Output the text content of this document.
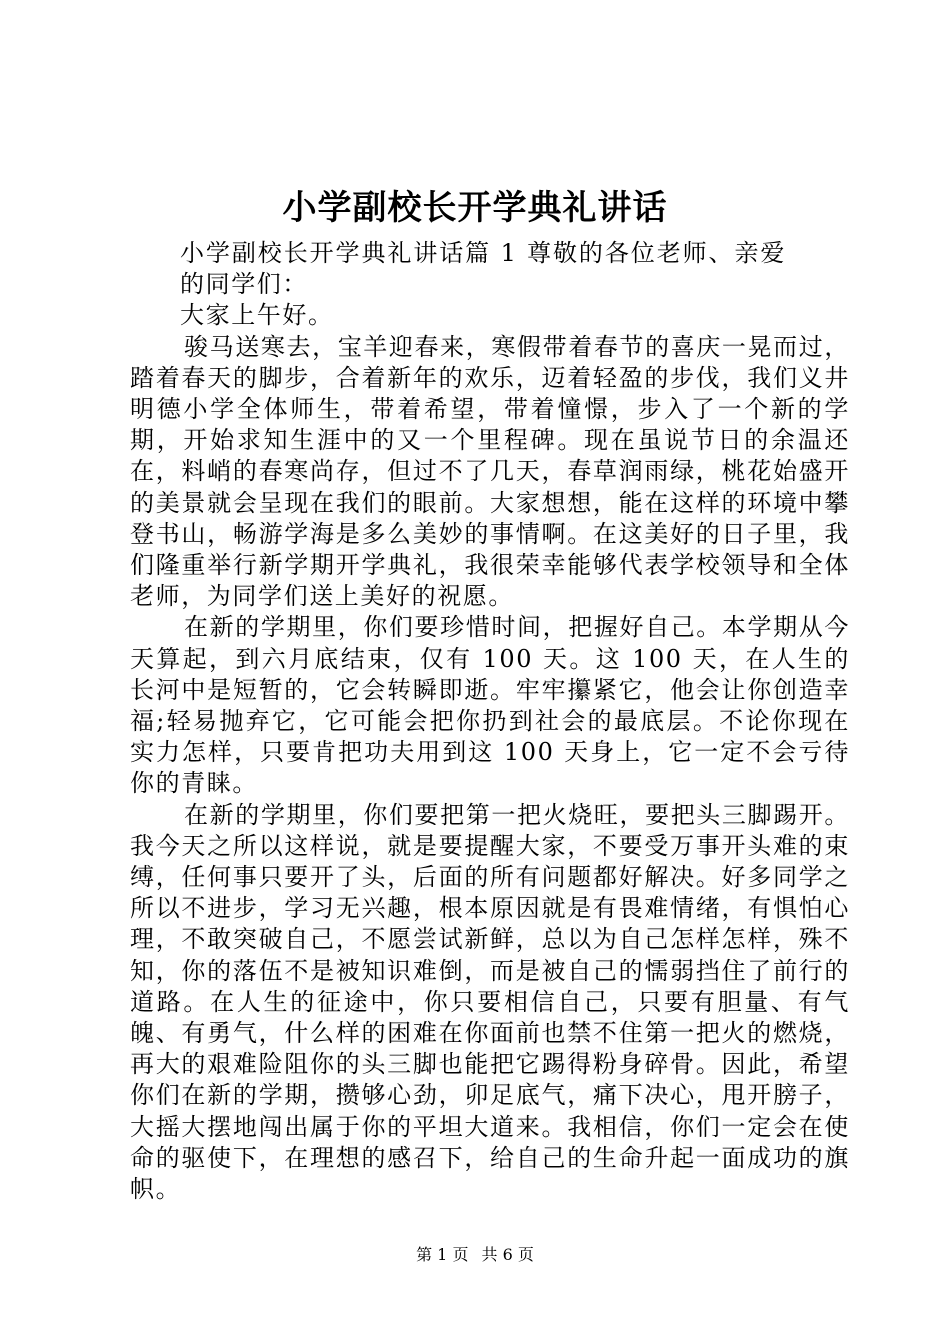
小学副校长开学典礼讲话

小学副校长开学典礼讲话篇 1 尊敬的各位老师、亲爱的同学们：

大家上午好。

骏马送寒去，宝羊迎春来，寒假带着春节的喜庆一晃而过，踏着春天的脚步，合着新年的欢乐，迈着轻盈的步伐，我们义井明德小学全体师生，带着希望，带着憧憬，步入了一个新的学期，开始求知生涯中的又一个里程碑。现在虽说节日的余温还在，料峭的春寒尚存，但过不了几天，春草润雨绿，桃花始盛开的美景就会呈现在我们的眼前。大家想想，能在这样的环境中攀登书山，畅游学海是多么美妙的事情啊。在这美好的日子里，我们隆重举行新学期开学典礼，我很荣幸能够代表学校领导和全体老师，为同学们送上美好的祝愿。

在新的学期里，你们要珍惜时间，把握好自己。本学期从今天算起，到六月底结束，仅有 100 天。这 100 天，在人生的长河中是短暂的，它会转瞬即逝。牢牢攥紧它，他会让你创造幸福;轻易抛弃它，它可能会把你扔到社会的最底层。不论你现在实力怎样，只要肯把功夫用到这 100 天身上，它一定不会亏待你的青睐。

在新的学期里，你们要把第一把火烧旺，要把头三脚踢开。我今天之所以这样说，就是要提醒大家，不要受万事开头难的束缚，任何事只要开了头，后面的所有问题都好解决。好多同学之所以不进步，学习无兴趣，根本原因就是有畏难情绪，有惧怕心理，不敢突破自己，不愿尝试新鲜，总以为自己怎样怎样，殊不知，你的落伍不是被知识难倒，而是被自己的懦弱挡住了前行的道路。在人生的征途中，你只要相信自己，只要有胆量、有气魄、有勇气，什么样的困难在你面前也禁不住第一把火的燃烧，再大的艰难险阻你的头三脚也能把它踢得粉身碎骨。因此，希望你们在新的学期，攒够心劲，卯足底气，痛下决心，甩开膀子，大摇大摆地闯出属于你的平坦大道来。我相信，你们一定会在使命的驱使下，在理想的感召下，给自己的生命升起一面成功的旗帜。

第 1 页 共 6 页
